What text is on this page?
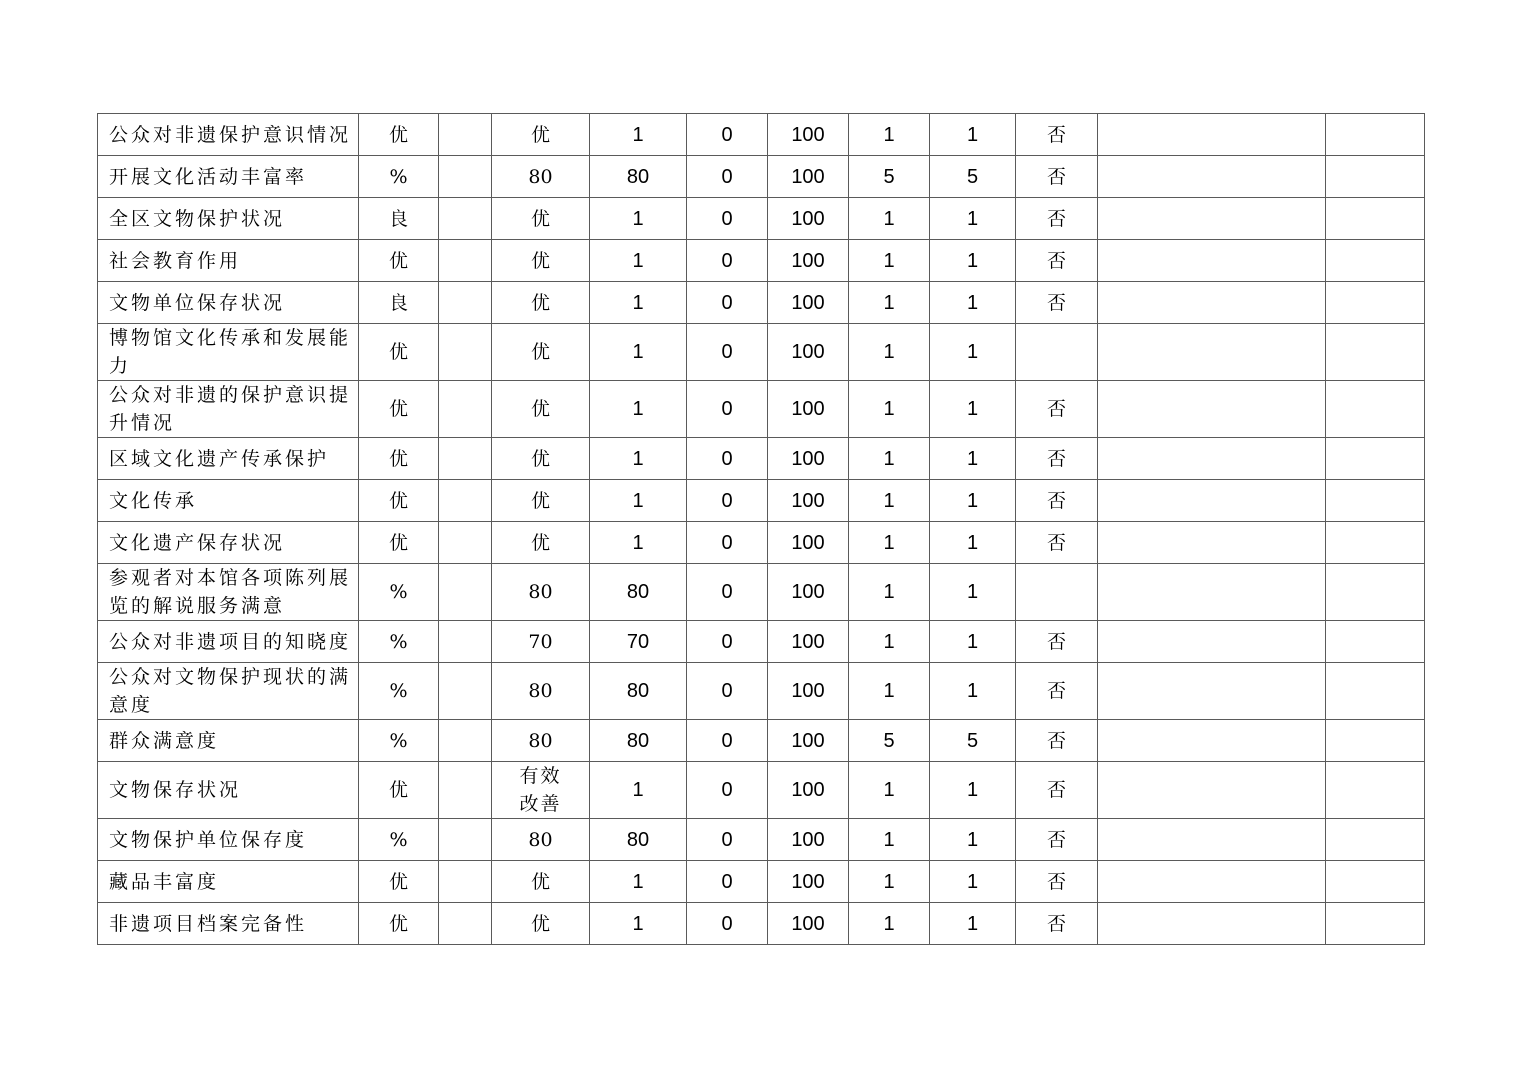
公众对非遗保护意识情况	优		优	1	0	100	1	1	否		
开展文化活动丰富率	%		80	80	0	100	5	5	否		
全区文物保护状况	良		优	1	0	100	1	1	否		
社会教育作用	优		优	1	0	100	1	1	否		
文物单位保存状况	良		优	1	0	100	1	1	否		
博物馆文化传承和发展能力	优		优	1	0	100	1	1			
公众对非遗的保护意识提升情况	优		优	1	0	100	1	1	否		
区域文化遗产传承保护	优		优	1	0	100	1	1	否		
文化传承	优		优	1	0	100	1	1	否		
文化遗产保存状况	优		优	1	0	100	1	1	否		
参观者对本馆各项陈列展览的解说服务满意	%		80	80	0	100	1	1			
公众对非遗项目的知晓度	%		70	70	0	100	1	1	否		
公众对文物保护现状的满意度	%		80	80	0	100	1	1	否		
群众满意度	%		80	80	0	100	5	5	否		
文物保存状况	优		有效改善	1	0	100	1	1	否		
文物保护单位保存度	%		80	80	0	100	1	1	否		
藏品丰富度	优		优	1	0	100	1	1	否		
非遗项目档案完备性	优		优	1	0	100	1	1	否		
